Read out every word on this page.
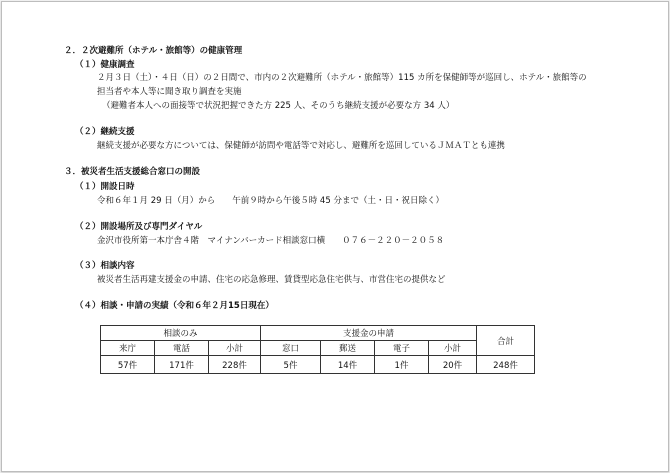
２．２次避難所（ホテル・旅館等）の健康管理
（１）健康調査
２月３日（土）・４日（日）の２日間で、市内の２次避難所（ホテル・旅館等）115 カ所を保健師等が巡回し、ホテル・旅館等の
担当者や本人等に聞き取り調査を実施
（避難者本人への面接等で状況把握できた方 225 人、そのうち継続支援が必要な方 34 人）
（２）継続支援
継続支援が必要な方については、保健師が訪問や電話等で対応し、避難所を巡回しているＪＭＡＴとも連携
３．被災者生活支援総合窓口の開設
（１）開設日時
令和６年１月 29 日（月）から　　午前９時から午後５時 45 分まで（土・日・祝日除く）
（２）開設場所及び専門ダイヤル
金沢市役所第一本庁舎４階　マイナンバーカード相談窓口横　　０７６－２２０－２０５８
（３）相談内容
被災者生活再建支援金の申請、住宅の応急修理、賃貸型応急住宅供与、市営住宅の提供など
（４）相談・申請の実績（令和６年２月15日現在）
相談のみ			支援金の申請				合計
来庁	電話	小計	窓口	郵送	電子	小計	
57件	171件	228件	5件	14件	1件	20件	248件
